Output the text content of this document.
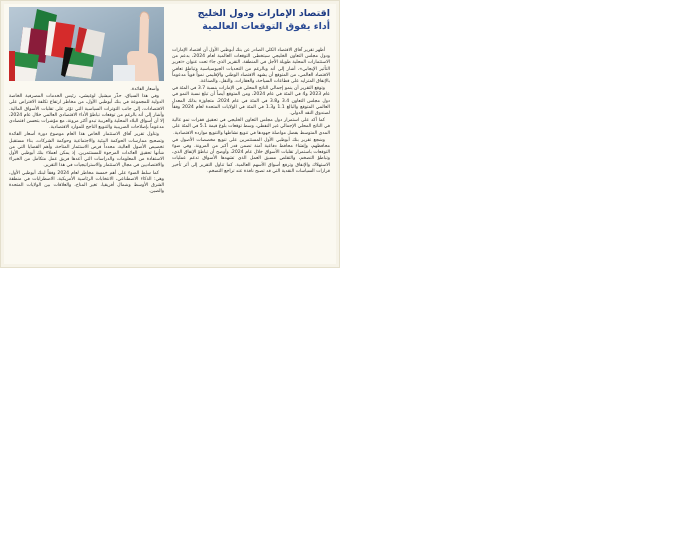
اقتصاد الإمارات ودول الخليج
أداء يفوق التوقعات العالمية

أظهر تقرير آفاق الاقتصاد الكلي الصادر عن بنك أبوظبي الأول أن اقتصاد الإمارات ودول مجلس التعاون الخليجي سيتخطى التوقعات العالمية لعام 2024، بدعم من الاستثمارات المحلية طويلة الأجل في المنطقة. التقرير الذي جاء تحت عنوان «تعزيز التأثير الإيجابي»، أشار إلى أنه وبالرغم من التحديات الجيوسياسية وتباطؤ تعافي الاقتصاد العالمي، من المتوقع أن يشهد الاقتصاد الوطني والإقليمي نمواً قوياً مدعوماً بالإنفاق المتزايد على قطاعات السياحة، والعقارات، والنقل، والصناعة.

وتوقع التقرير أن ينمو إجمالي الناتج المحلي في الإمارات بنسبة 3.7 في المئة في عام 2023 و4 في المئة في عام 2024، ومن المتوقع أيضاً أن تبلغ نسبة النمو في دول مجلس التعاون 3.4 و3.8 في المئة في عام 2024، متجاوزة بذلك المعدل العالمي المتوقع والبالغ 1.1 و1.3 في المئة في الولايات المتحدة لعام 2024 وفقاً لصندوق النقد الدولي.

كما أكد على استمرار دول مجلس التعاون الخليجي في تحقيق قفزات نمو عالية في الناتج المحلي الإجمالي غير النفطي، وسط توقعات بلوغ قيمة 5.1 في المئة على المدى المتوسط بفضل مواصلة جهودها في تنويع نشاطها والتنويع موارده الاقتصادية.

وشجع تقرير بنك أبوظبي الأول المستثمرين على تنويع مخصصات الأصول في محافظهم، وإنشاء محافظ دفاعية آمنة تضمن قدر أكبر من المرونة. وفي ضوء التوقعات باستمرار تقلبات الأسواق خلال عام 2024، وأوضح أن تباطؤ الإنفاق الذي، وتباطؤ التضخم، والتقلص مسبق العمل الذي تشهدها الأسواق تدعم عمليات الاستهلاك والإنفاق وترفع أسواق الأسهم العالمية. كما تناول التقرير إلى أثر تأخير قرارات السياسات النقدية التي قد تصبح نافذة عند تراجع التضخم.

وأسعار الفائدة.

وفي هذا السياق، حذّر ميشيل لوغيشي، رئيس الخدمات المصرفية الخاصة الدولية للمجموعة في بنك أبوظبي الأول، من مخاطر ارتفاع تكلفة الاقتراض على الاقتصادات، إلى جانب التوترات السياسية التي تؤثر على تقلبات الأسواق المالية. وأشار إلى أنه بالرغم من توقعات تباطؤ الأداء الاقتصادي العالمي خلال عام 2024، إلا أن أسواق البلاد المحلية والعربية تبدو أكثر مرونة، مع مؤشرات بتحسن اقتصادي مدعوماً بإصلاحات الضريبية والتنويع الناجح للموارد الاقتصادية.

وتناول تقرير آفاق الاستثمار الخاص هذا العام موضوع دورة أسعار الفائدة وتصحيح ممارسات الحوكمة البيئية والاجتماعية وحوكمة الشركات، بناء مستقبل تخصيص الأصول العالية، محدداً فرص الاستثمار المتاحة، وأهم القضايا التي من شأنها تحقيق العائدات المرجوة للمستثمرين. إذ يمكن لعملاء بنك أبوظبي الأول الاستفادة من المعلومات والدراسات التي أعدها فريق عمل متكامل من الخبراء والاقتصاديين في مجال الاستثمار والاستراتيجيات في هذا التقرير.

كما سلط الضوء على أهم خمسة مخاطر لعام 2024 وفقاً لبنك أبوظبي الأول، وهي: الذكاء الاصطناعي، الانتخابات الرئاسية الأمريكية، الاضطرابات في منطقة الشرق الأوسط وشمال أفريقيا، تغير المناخ، والعلاقات بين الولايات المتحدة والصين.
